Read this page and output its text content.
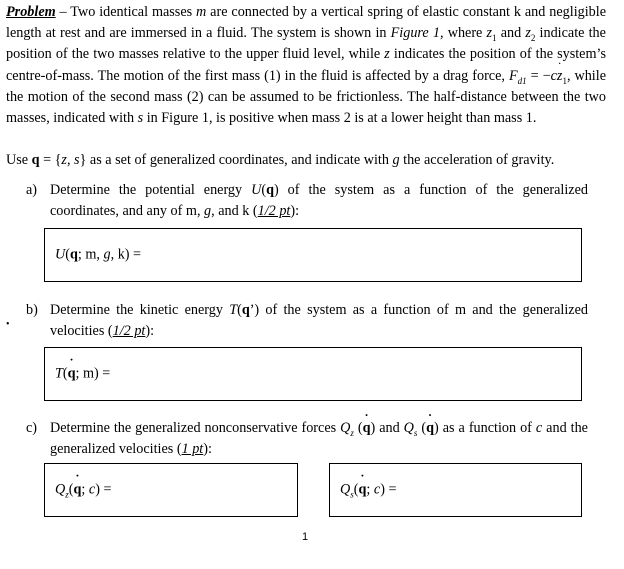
Problem – Two identical masses m are connected by a vertical spring of elastic constant k and negligible length at rest and are immersed in a fluid. The system is shown in Figure 1, where $z_1$ and $z_2$ indicate the position of the two masses relative to the upper fluid level, while z indicates the position of the system’s centre-of-mass. The motion of the first mass (1) in the fluid is affected by a drag force, $F_{d1}$ = −c˙ $z_1$, while the motion of the second mass (2) can be assumed to be frictionless. The half-distance between the two masses, indicated with s in Figure 1, is positive when mass 2 is at a lower height than mass 1.

Use q = {z, s} as a set of generalized coordinates, and indicate with g the acceleration of gravity.

a) Determine the potential energy U(q) of the system as a function of the generalized coordinates, and any of m, g, and k (1/2 pt):
U(q; m, g, k) =
•
b) Determine the kinetic energy T(q’) of the system as a function of m and the generalized velocities (1/2 pt):
T(˙ q; m) =
c) Determine the generalized nonconservative forces $Q_z$ (˙ q) and $Q_s$ (˙ q) as a function of c and the generalized velocities (1 pt):
$Q_z(˙$ q; c) =	$Q_s(˙$ q; c) =
1
